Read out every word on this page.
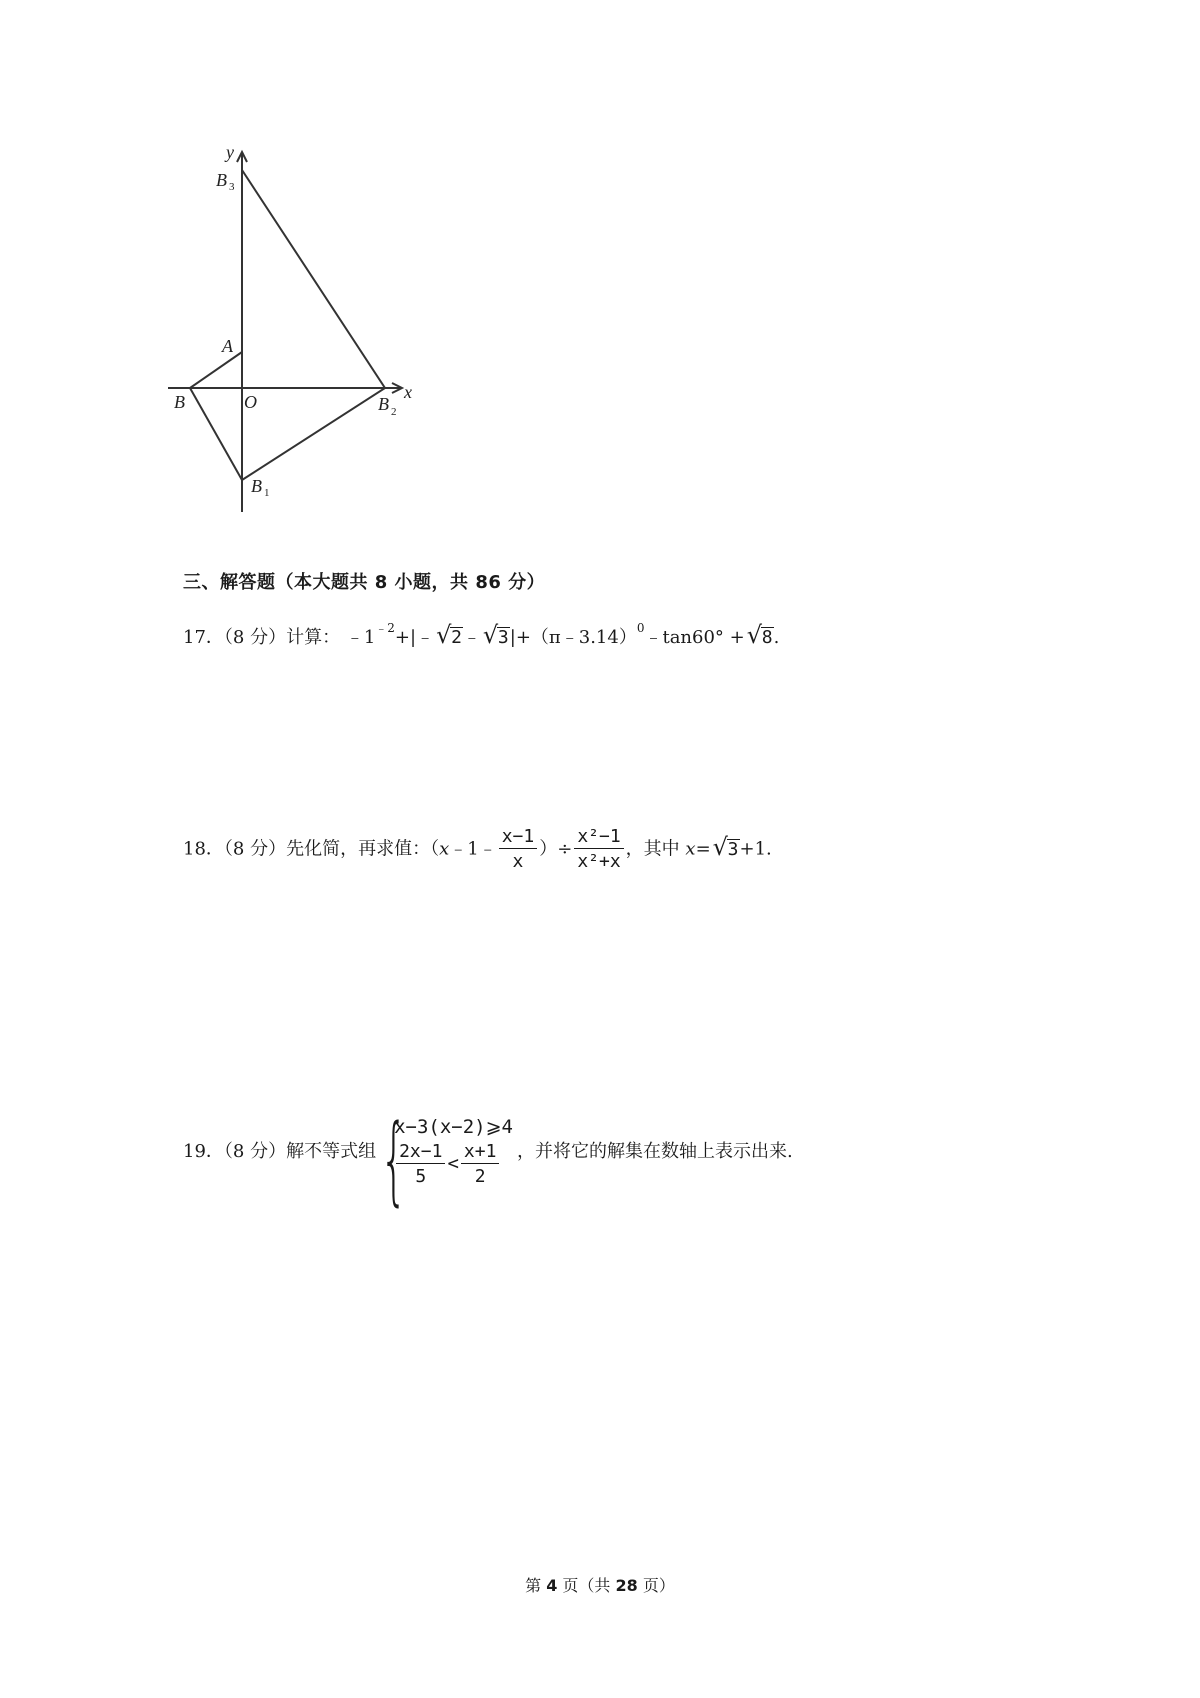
y
B 3
A
B	O	B 2
x
B 1
三、解答题（本大题共 8 小题，共 86 分）
17．（8 分）计算： $﹣1^{﹣2}+|﹣$ √ 2﹣ √ 3|+（π﹣3.14）$^0$﹣tan60° + √ 8.
18．（8 分）先化简，再求值：（x﹣1﹣ $\frac{x-1}{x}$ ）÷ $\frac{\text{x²−1}}{\text{x²+x}}$ ，其中 x= √ 3+1.
19．（8 分）解不等式组 {
x−3(x−2)⩾4
$\frac{2x-1}{5} < \frac{x+1}{2}$ ，并将它的解集在数轴上表示出来.
第 4 页（共 28 页）
